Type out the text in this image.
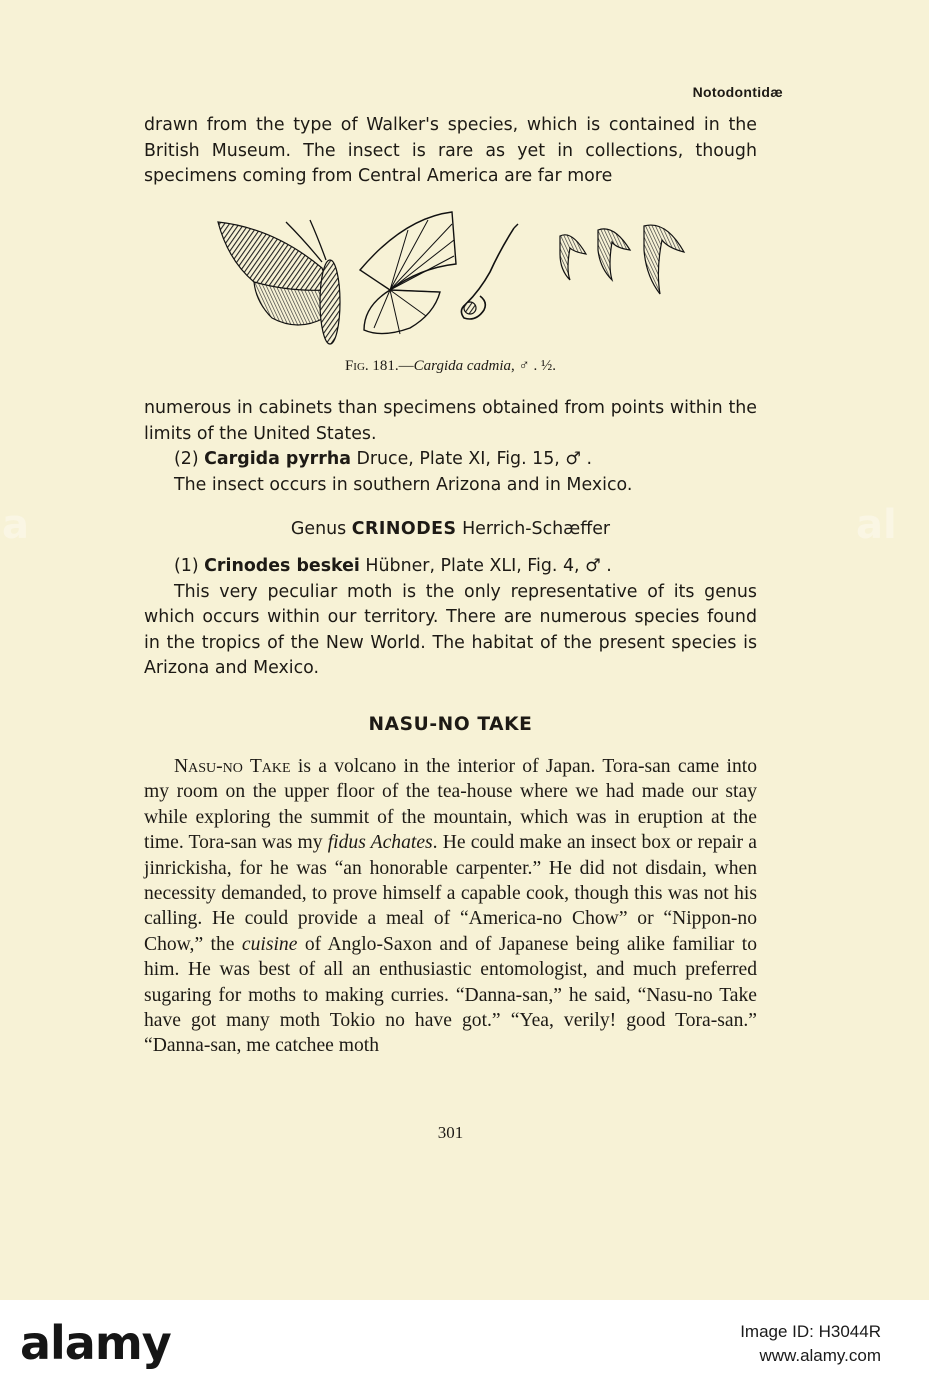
Notodontidæ

drawn from the type of Walker's species, which is contained in the British Museum. The insect is rare as yet in collections, though specimens coming from Central America are far more

Fig. 181.—Cargida cadmia, ♂ . ½.

numerous in cabinets than specimens obtained from points within the limits of the United States.

(2) Cargida pyrrha Druce, Plate XI, Fig. 15, ♂ .

The insect occurs in southern Arizona and in Mexico.

Genus CRINODES Herrich-Schæffer

(1) Crinodes beskei Hübner, Plate XLI, Fig. 4, ♂ .

This very peculiar moth is the only representative of its genus which occurs within our territory. There are numerous species found in the tropics of the New World. The habitat of the present species is Arizona and Mexico.

NASU-NO TAKE

Nasu-no Take is a volcano in the interior of Japan. Tora-san came into my room on the upper floor of the tea-house where we had made our stay while exploring the summit of the mountain, which was in eruption at the time. Tora-san was my fidus Achates. He could make an insect box or repair a jinrickisha, for he was “an honorable carpenter.” He did not disdain, when necessity demanded, to prove himself a capable cook, though this was not his calling. He could provide a meal of “America-no Chow” or “Nippon-no Chow,” the cuisine of Anglo-Saxon and of Japanese being alike familiar to him. He was best of all an enthusiastic entomologist, and much preferred sugaring for moths to making curries. “Danna-san,” he said, “Nasu-no Take have got many moth Tokio no have got.” “Yea, verily! good Tora-san.” “Danna-san, me catchee moth

301
a	al
alamy	Image ID: H3044R
www.alamy.com
